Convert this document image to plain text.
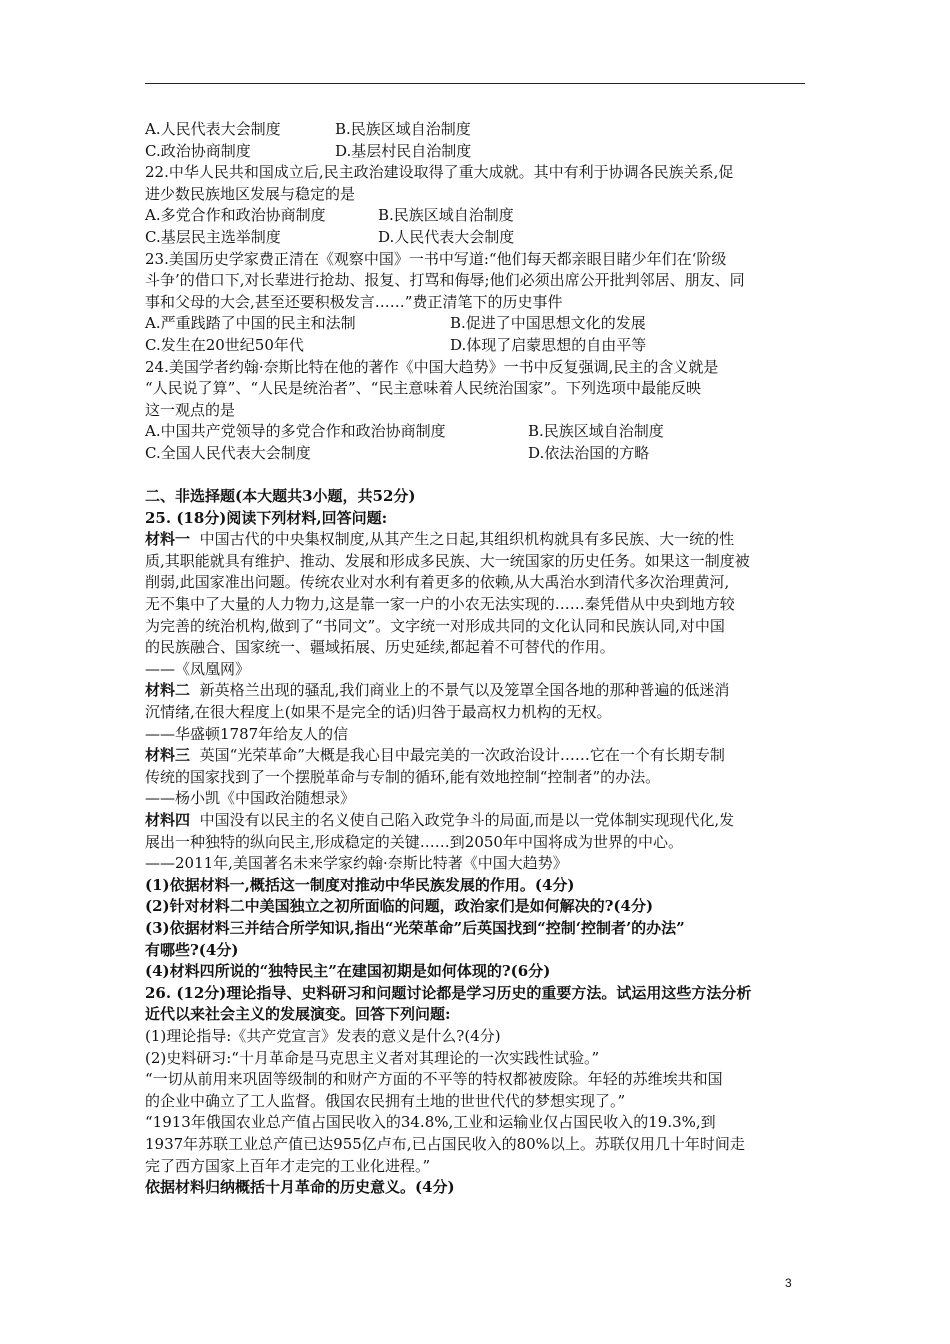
A.人民代表大会制度	B.民族区域自治制度
C.政治协商制度	D.基层村民自治制度
22.中华人民共和国成立后,民主政治建设取得了重大成就。其中有利于协调各民族关系,促
进少数民族地区发展与稳定的是
A.多党合作和政治协商制度	B.民族区域自治制度
C.基层民主选举制度	D.人民代表大会制度
23.美国历史学家费正清在《观察中国》一书中写道:“他们每天都亲眼目睹少年们在‘阶级
斗争’的借口下,对长辈进行抢劫、报复、打骂和侮辱;他们必须出席公开批判邻居、朋友、同
事和父母的大会,甚至还要积极发言……”费正清笔下的历史事件
A.严重践踏了中国的民主和法制	B.促进了中国思想文化的发展
C.发生在20世纪50年代	D.体现了启蒙思想的自由平等
24.美国学者约翰·奈斯比特在他的著作《中国大趋势》一书中反复强调,民主的含义就是
“人民说了算”、“人民是统治者”、“民主意味着人民统治国家”。下列选项中最能反映
这一观点的是
A.中国共产党领导的多党合作和政治协商制度	B.民族区域自治制度
C.全国人民代表大会制度	D.依法治国的方略
二、非选择题(本大题共3小题，共52分)
25. (18分)阅读下列材料,回答问题:
材料一 中国古代的中央集权制度,从其产生之日起,其组织机构就具有多民族、大一统的性
质,其职能就具有维护、推动、发展和形成多民族、大一统国家的历史任务。如果这一制度被
削弱,此国家准出问题。传统农业对水利有着更多的依赖,从大禹治水到清代多次治理黄河,
无不集中了大量的人力物力,这是靠一家一户的小农无法实现的……秦凭借从中央到地方较
为完善的统治机构,做到了“书同文”。文字统一对形成共同的文化认同和民族认同,对中国
的民族融合、国家统一、疆域拓展、历史延续,都起着不可替代的作用。
——《凤凰网》
材料二 新英格兰出现的骚乱,我们商业上的不景气以及笼罩全国各地的那种普遍的低迷消
沉情绪,在很大程度上(如果不是完全的话)归咎于最高权力机构的无权。
——华盛顿1787年给友人的信
材料三 英国“光荣革命”大概是我心目中最完美的一次政治设计……它在一个有长期专制
传统的国家找到了一个摆脱革命与专制的循环,能有效地控制“控制者”的办法。
——杨小凯《中国政治随想录》
材料四 中国没有以民主的名义使自己陷入政党争斗的局面,而是以一党体制实现现代化,发
展出一种独特的纵向民主,形成稳定的关键……到2050年中国将成为世界的中心。
——2011年,美国著名未来学家约翰·奈斯比特著《中国大趋势》
(1)依据材料一,概括这一制度对推动中华民族发展的作用。(4分)
(2)针对材料二中美国独立之初所面临的问题，政治家们是如何解决的?(4分)
(3)依据材料三并结合所学知识,指出“光荣革命”后英国找到“控制‘控制者’的办法”
有哪些?(4分)
(4)材料四所说的“独特民主”在建国初期是如何体现的?(6分)
26. (12分)理论指导、史料研习和问题讨论都是学习历史的重要方法。试运用这些方法分析
近代以来社会主义的发展演变。回答下列问题:
(1)理论指导:《共产党宣言》发表的意义是什么?(4分)
(2)史料研习:“十月革命是马克思主义者对其理论的一次实践性试验。”
“一切从前用来巩固等级制的和财产方面的不平等的特权都被废除。年轻的苏维埃共和国
的企业中确立了工人监督。俄国农民拥有土地的世世代代的梦想实现了。”
“1913年俄国农业总产值占国民收入的34.8%,工业和运输业仅占国民收入的19.3%,到
1937年苏联工业总产值已达955亿卢布,已占国民收入的80%以上。苏联仅用几十年时间走
完了西方国家上百年才走完的工业化进程。”
依据材料归纳概括十月革命的历史意义。(4分)
3
